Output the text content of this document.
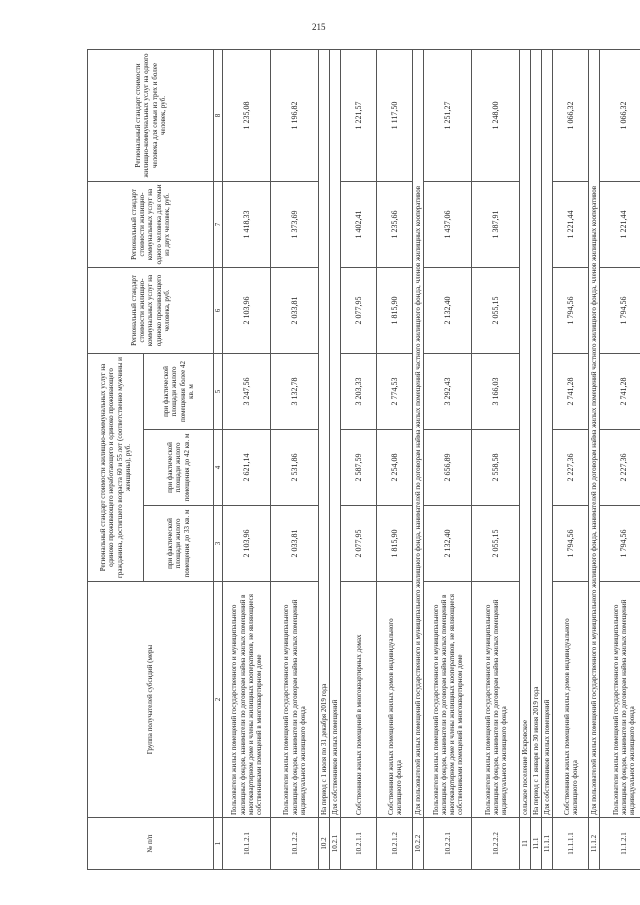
215
№ п/п	Группа получателей субсидий (меры	Региональный стандарт стоимости жилищно-коммунальных услуг на одиноко проживающего неработающего и одиноко проживающего гражданина, достигшего возраста 60 и 55 лет (соответственно мужчины и женщины), руб.			Региональный стандарт стоимости жилищно-коммунальных услуг на одиноко проживающего человека, руб.	Региональный стандарт стоимости жилищно-коммунальных услуг на одного человека для семьи из двух человек, руб.	Региональный стандарт стоимости жилищно-коммунальных услуг на одного человека для семьи из трех и более человек, руб.
		при фактической площади жилого помещения до 33 кв. м	при фактической площади жилого помещения до 42 кв. м	при фактической площади жилого помещения более 42 кв. м			
1	2	3	4	5	6	7	8
10.1.2.1	Пользователи жилых помещений государственного и муниципального жилищных фондов, наниматели по договорам найма жилых помещений в многоквартирном доме и члены жилищных кооперативов, не являющиеся собственниками помещений в многоквартирном доме	2 103,96	2 621,14	3 247,56	2 103,96	1 418,33	1 235,08
10.1.2.2	Пользователи жилых помещений государственного и муниципального жилищных фондов, наниматели по договорам найма жилых помещений индивидуального жилищного фонда	2 033,81	2 531,86	3 132,78	2 033,81	1 373,69	1 196,82
10.2	На период с 1 июля по 31 декабря 2019 года						
10.2.1	Для собственников жилых помещений						
10.2.1.1	Собственники жилых помещений в многоквартирных домах	2 077,95	2 587,59	3 203,33	2 077,95	1 402,41	1 221,57
10.2.1.2	Собственники жилых помещений жилых домов индивидуального жилищного фонда	1 815,90	2 254,08	2 774,53	1 815,90	1 235,66	1 117,50
10.2.2	Для пользователей жилых помещений государственного и муниципального жилищного фонда, нанимателей по договорам найма жилых помещений частного жилищного фонда, членов жилищных кооперативов						
10.2.2.1	Пользователи жилых помещений государственного и муниципального жилищных фондов, наниматели по договорам найма жилых помещений в многоквартирном доме и члены жилищных кооперативов, не являющиеся собственниками помещений в многоквартирном доме	2 132,40	2 656,89	3 292,43	2 132,40	1 437,06	1 251,27
10.2.2.2	Пользователи жилых помещений государственного и муниципального жилищных фондов, наниматели по договорам найма жилых помещений индивидуального жилищного фонда	2 055,15	2 558,58	3 166,03	2 055,15	1 387,91	1 248,00
11	сельское поселение Искровское						
11.1	На период с 1 января по 30 июня 2019 года						
11.1.1	Для собственников жилых помещений						
11.1.1.1	Собственники жилых помещений жилых домов индивидуального жилищного фонда	1 794,56	2 227,36	2 741,28	1 794,56	1 221,44	1 066,32
11.1.2	Для пользователей жилых помещений государственного и муниципального жилищного фонда, нанимателей по договорам найма жилых помещений частного жилищного фонда, членов жилищных кооперативов						
11.1.2.1	Пользователи жилых помещений государственного и муниципального жилищных фондов, наниматели по договорам найма жилых помещений индивидуального жилищного фонда	1 794,56	2 227,36	2 741,28	1 794,56	1 221,44	1 066,32
